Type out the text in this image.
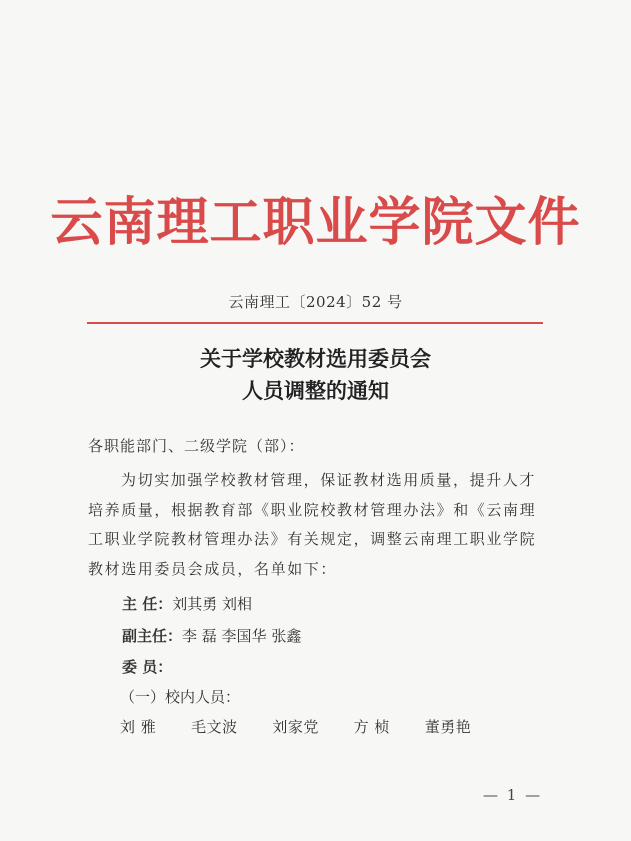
云南理工职业学院文件
云南理工〔2024〕52 号
关于学校教材选用委员会
人员调整的通知
各职能部门、二级学院（部）：
为切实加强学校教材管理，保证教材选用质量，提升人才
培养质量，根据教育部《职业院校教材管理办法》和《云南理
工职业学院教材管理办法》有关规定，调整云南理工职业学院
教材选用委员会成员，名单如下：
主 任：刘其勇 刘相
副主任：李 磊 李国华 张鑫
委 员：
（一）校内人员：
刘 雅 毛文波 刘家党 方 桢 董勇艳
— 1 —
